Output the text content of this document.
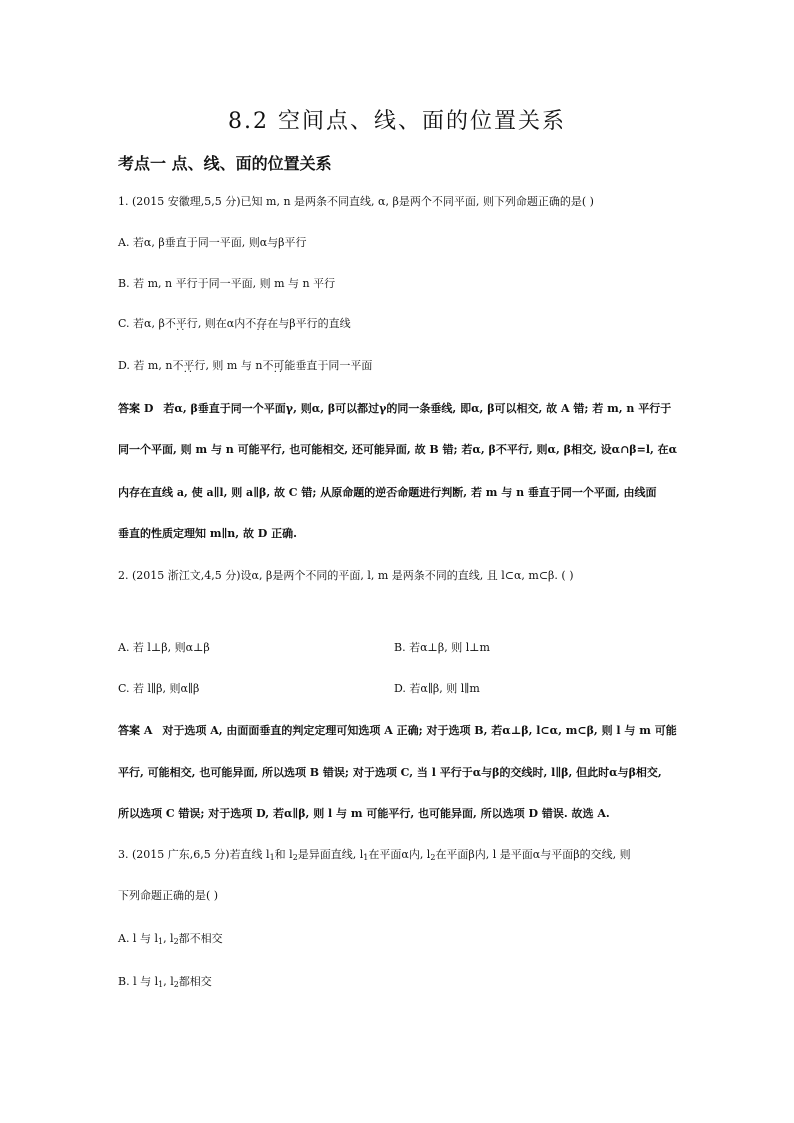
8.2 空间点、线、面的位置关系
考点一 点、线、面的位置关系
1. (2015 安徽理,5,5 分)已知 m, n 是两条不同直线, α, β是两个不同平面, 则下列命题正确的是( )
A. 若α, β垂直于同一平面, 则α与β平行
B. 若 m, n 平行于同一平面, 则 m 与 n 平行
C. 若α, β不平行 ··, 则在α内不存在 ··与β平行的直线
D. 若 m, n不平行 ··, 则 m 与 n不可能 ··垂直于同一平面
答案 D 若α, β垂直于同一个平面γ, 则α, β可以都过γ的同一条垂线, 即α, β可以相交, 故 A 错; 若 m, n 平行于
同一个平面, 则 m 与 n 可能平行, 也可能相交, 还可能异面, 故 B 错; 若α, β不平行, 则α, β相交, 设α∩β=l, 在α
内存在直线 a, 使 a∥l, 则 a∥β, 故 C 错; 从原命题的逆否命题进行判断, 若 m 与 n 垂直于同一个平面, 由线面
垂直的性质定理知 m∥n, 故 D 正确.
2. (2015 浙江文,4,5 分)设α, β是两个不同的平面, l, m 是两条不同的直线, 且 l⊂α, m⊂β. ( )
A. 若 l⊥β, 则α⊥β	B. 若α⊥β, 则 l⊥m
C. 若 l∥β, 则α∥β	D. 若α∥β, 则 l∥m
答案 A 对于选项 A, 由面面垂直的判定定理可知选项 A 正确; 对于选项 B, 若α⊥β, l⊂α, m⊂β, 则 l 与 m 可能
平行, 可能相交, 也可能异面, 所以选项 B 错误; 对于选项 C, 当 l 平行于α与β的交线时, l∥β, 但此时α与β相交,
所以选项 C 错误; 对于选项 D, 若α∥β, 则 l 与 m 可能平行, 也可能异面, 所以选项 D 错误. 故选 A.
3. (2015 广东,6,5 分)若直线 $l_1$和 $l_2$是异面直线, $l_1$在平面α内, $l_2$在平面β内, l 是平面α与平面β的交线, 则
下列命题正确的是( )
A. l 与 $l_1$, $l_2$都不相交
B. l 与 $l_1$, $l_2$都相交
